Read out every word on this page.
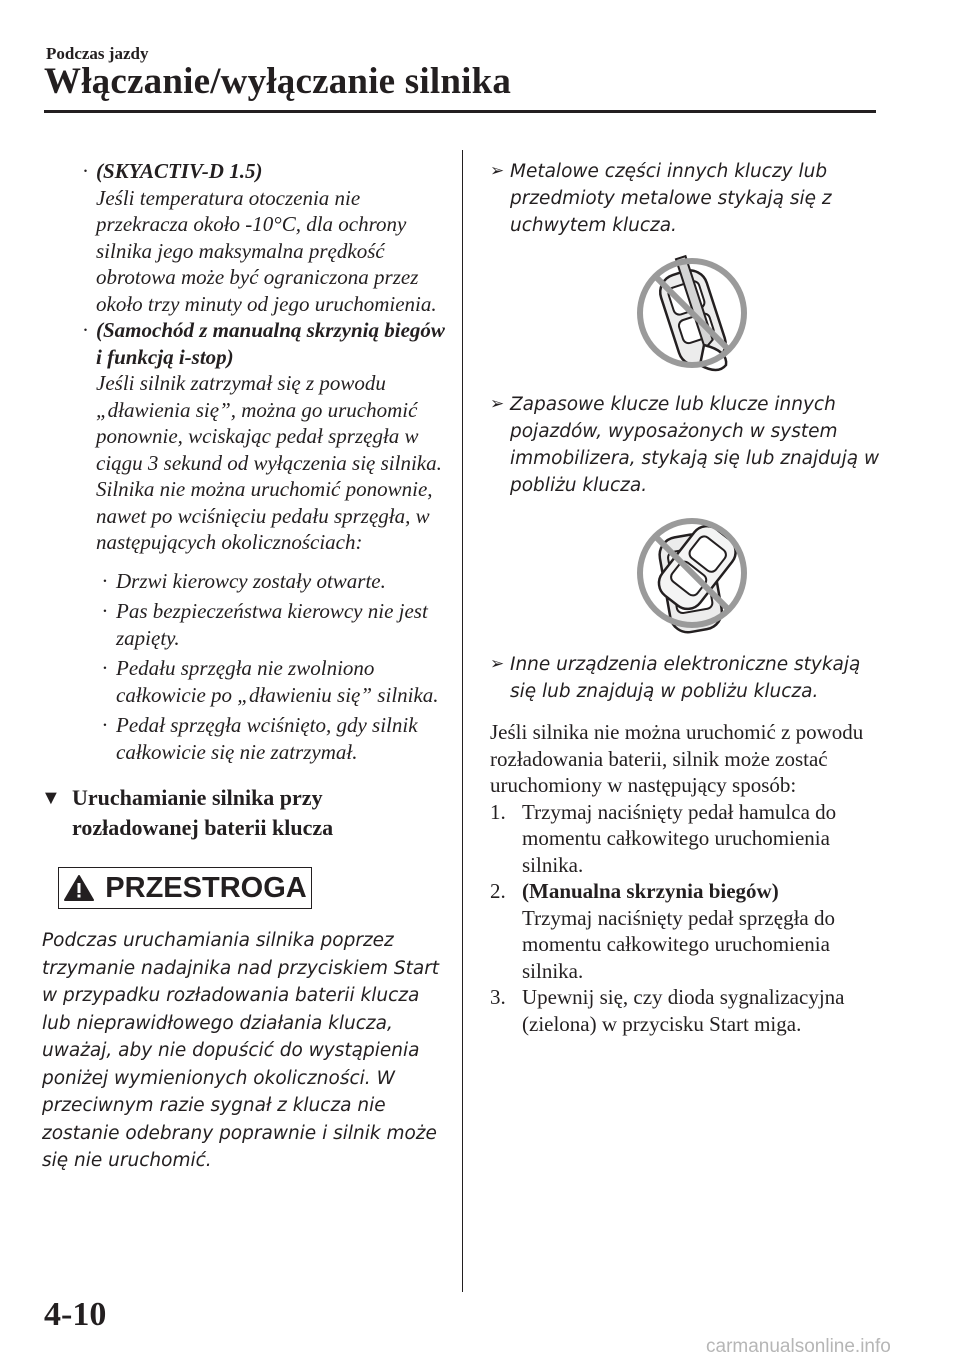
Podczas jazdy
Włączanie/wyłączanie silnika
· (SKYACTIV-D 1.5)
Jeśli temperatura otoczenia nie przekracza około -10°C, dla ochrony silnika jego maksymalna prędkość obrotowa może być ograniczona przez około trzy minuty od jego uruchomienia.
· (Samochód z manualną skrzynią biegów i funkcją i-stop)
Jeśli silnik zatrzymał się z powodu „dławienia się”, można go uruchomić ponownie, wciskając pedał sprzęgła w ciągu 3 sekund od wyłączenia się silnika.
Silnika nie można uruchomić ponownie, nawet po wciśnięciu pedału sprzęgła, w następujących okolicznościach:
· Drzwi kierowcy zostały otwarte.
· Pas bezpieczeństwa kierowcy nie jest zapięty.
· Pedału sprzęgła nie zwolniono całkowicie po „dławieniu się” silnika.
· Pedał sprzęgła wciśnięto, gdy silnik całkowicie się nie zatrzymał.
▼ Uruchamianie silnika przy rozładowanej baterii klucza
PRZESTROGA
Podczas uruchamiania silnika poprzez trzymanie nadajnika nad przyciskiem Start w przypadku rozładowania baterii klucza lub nieprawidłowego działania klucza, uważaj, aby nie dopuścić do wystąpienia poniżej wymienionych okoliczności. W przeciwnym razie sygnał z klucza nie zostanie odebrany poprawnie i silnik może się nie uruchomić.
➢ Metalowe części innych kluczy lub przedmioty metalowe stykają się z uchwytem klucza.
➢ Zapasowe klucze lub klucze innych pojazdów, wyposażonych w system immobilizera, stykają się lub znajdują w pobliżu klucza.
➢ Inne urządzenia elektroniczne stykają się lub znajdują w pobliżu klucza.
Jeśli silnika nie można uruchomić z powodu rozładowania baterii, silnik może zostać uruchomiony w następujący sposób:
1. Trzymaj naciśnięty pedał hamulca do momentu całkowitego uruchomienia silnika.
2. (Manualna skrzynia biegów)
Trzymaj naciśnięty pedał sprzęgła do momentu całkowitego uruchomienia silnika.
3. Upewnij się, czy dioda sygnalizacyjna (zielona) w przycisku Start miga.
4-10
carmanualsonline.info
